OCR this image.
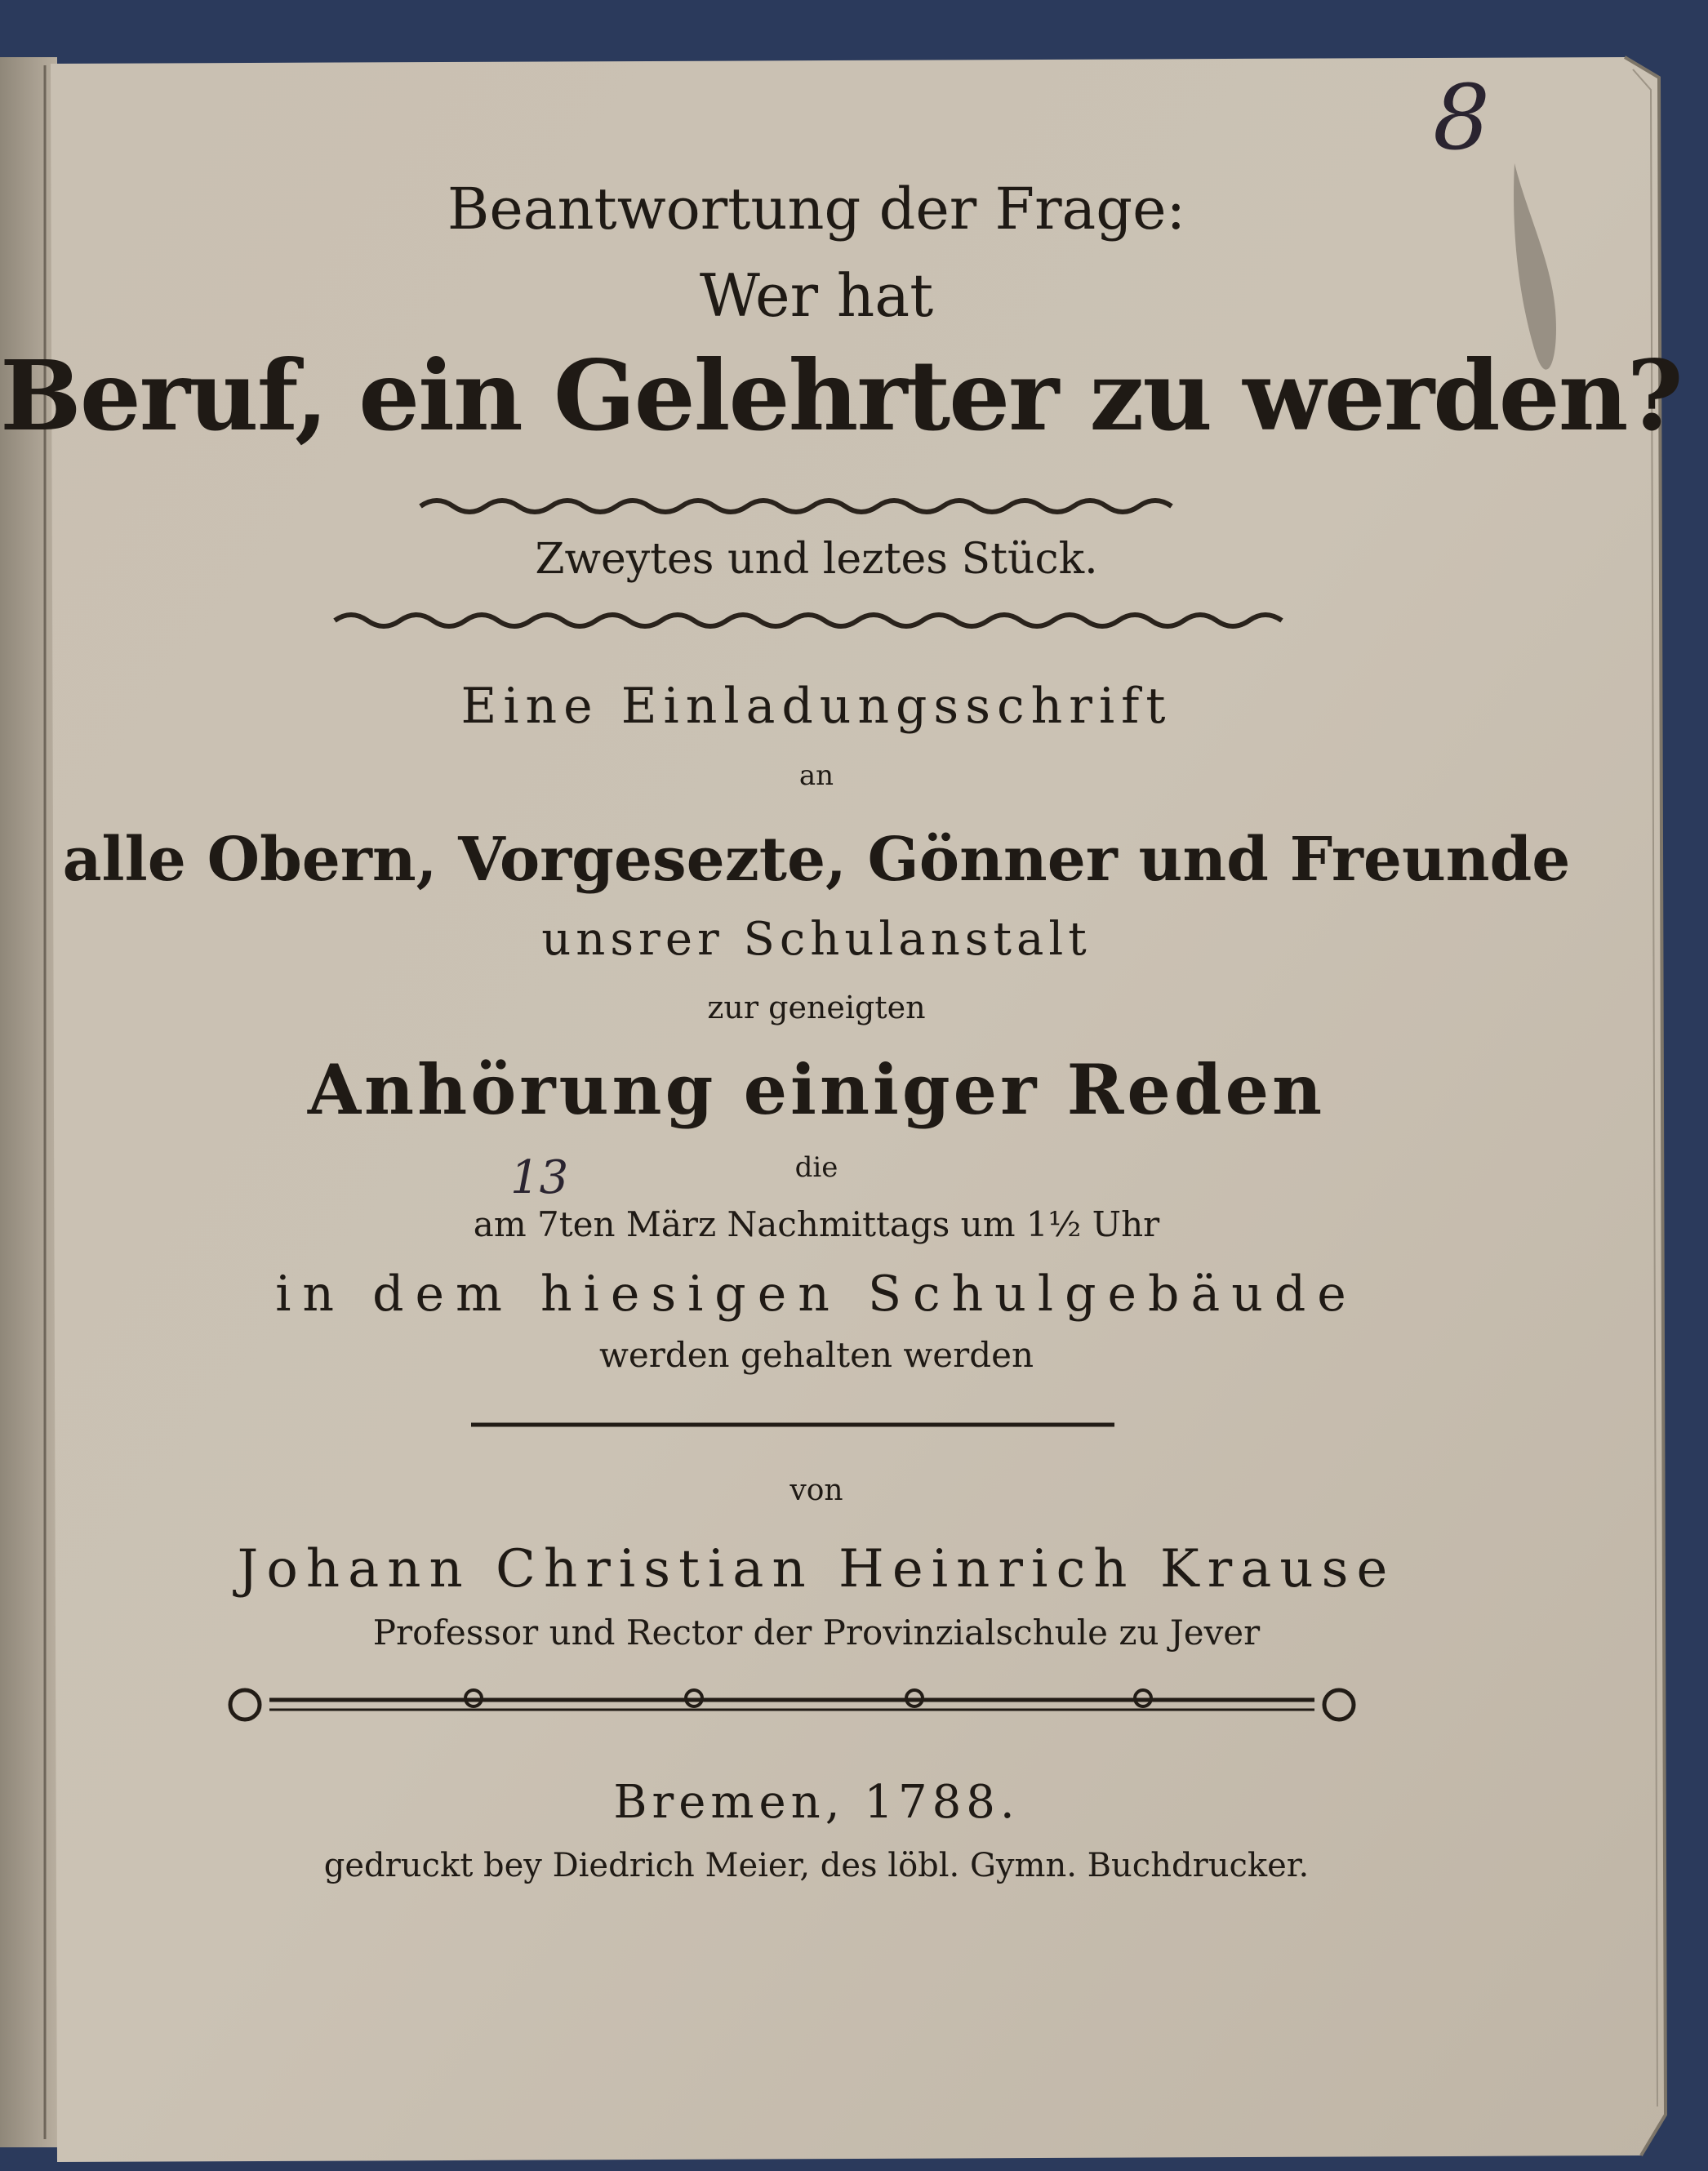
8
Beantwortung der Frage:
Wer hat
Beruf, ein Gelehrter zu werden?
Zweytes und leztes Stück.
Eine Einladungsschrift
an
alle Obern, Vorgesezte, Gönner und Freunde
unsrer Schulanstalt
zur geneigten
Anhörung einiger Reden
die
am 7ten März Nachmittags um 1½ Uhr
13
in dem hiesigen Schulgebäude
werden gehalten werden
von
Johann Christian Heinrich Krause
Professor und Rector der Provinzialschule zu Jever
Bremen, 1788.
gedruckt bey Diedrich Meier, des löbl. Gymn. Buchdrucker.
